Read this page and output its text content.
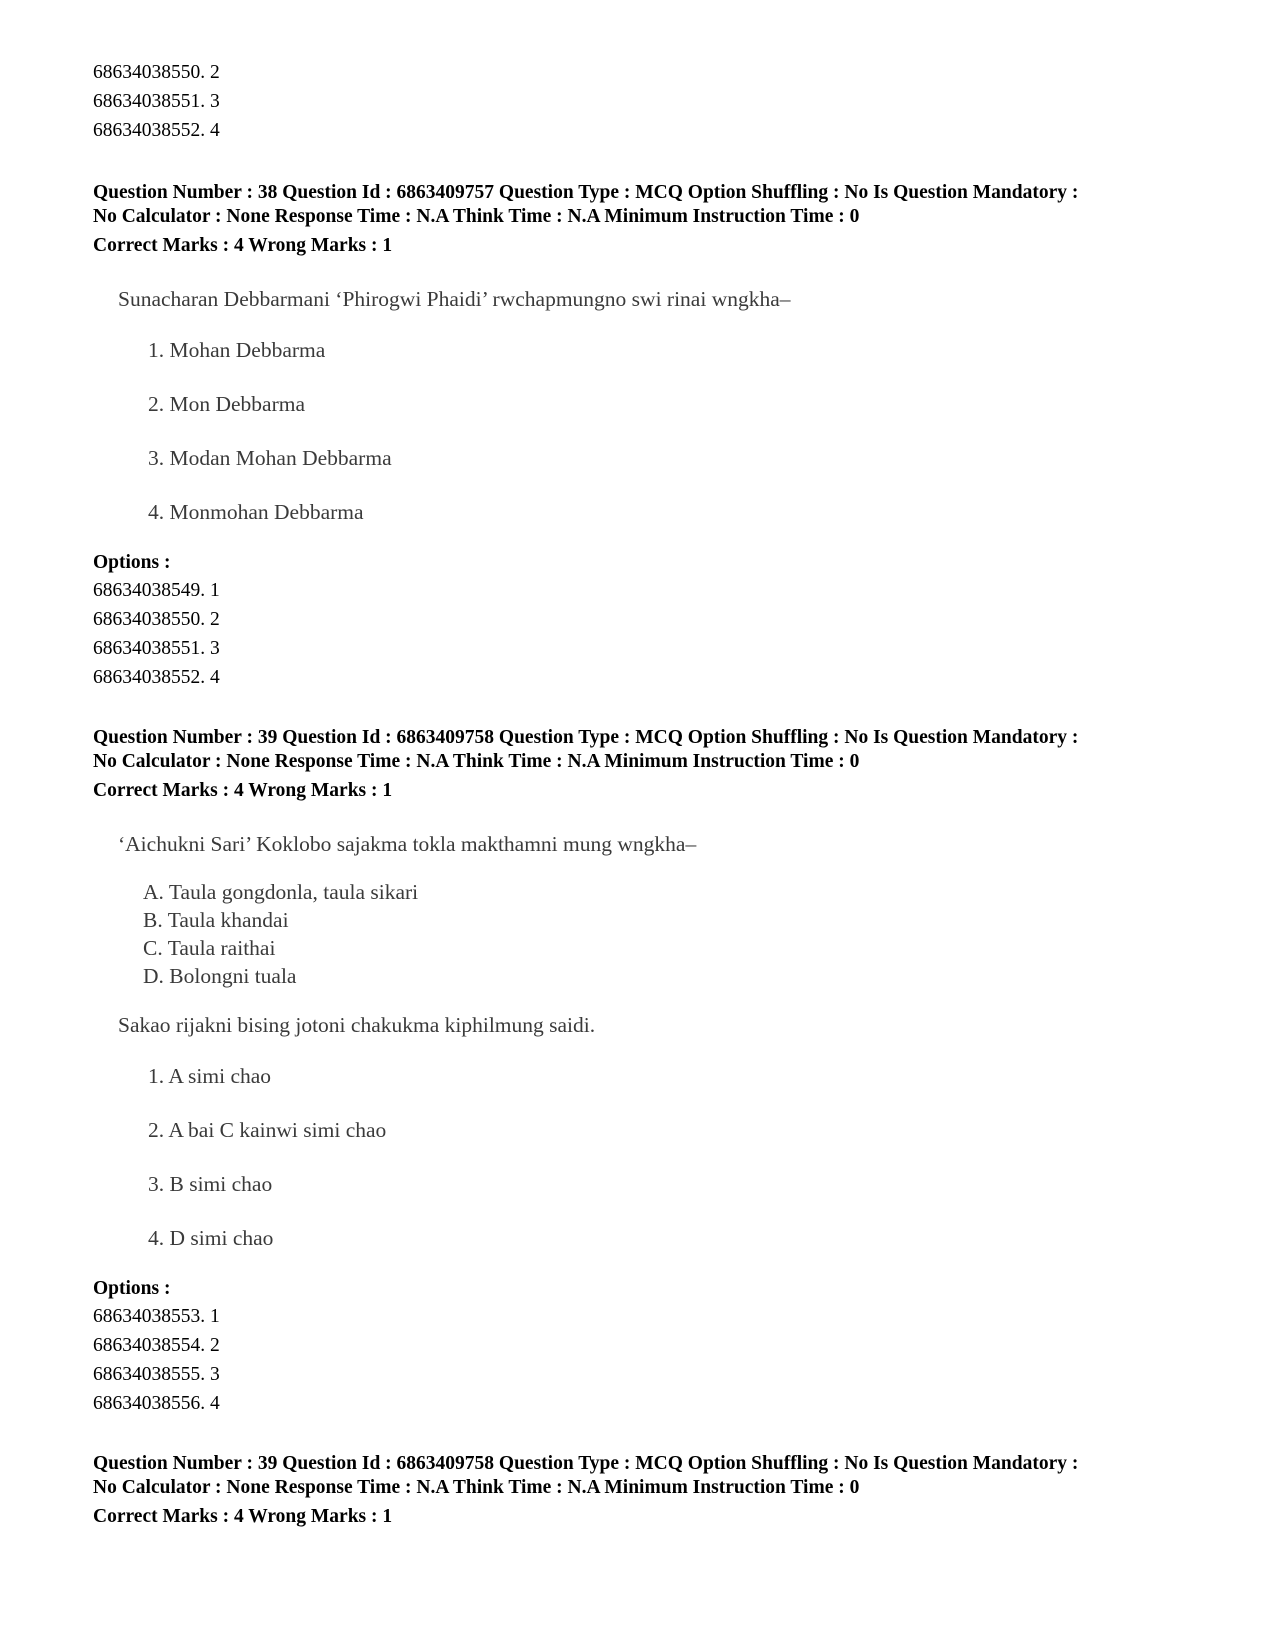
68634038550. 2
68634038551. 3
68634038552. 4
Question Number : 38 Question Id : 6863409757 Question Type : MCQ Option Shuffling : No Is Question Mandatory :
No Calculator : None Response Time : N.A Think Time : N.A Minimum Instruction Time : 0
Correct Marks : 4 Wrong Marks : 1
Sunacharan Debbarmani ‘Phirogwi Phaidi’ rwchapmungno swi rinai wngkha–
1. Mohan Debbarma
2. Mon Debbarma
3. Modan Mohan Debbarma
4. Monmohan Debbarma
Options :
68634038549. 1
68634038550. 2
68634038551. 3
68634038552. 4
Question Number : 39 Question Id : 6863409758 Question Type : MCQ Option Shuffling : No Is Question Mandatory :
No Calculator : None Response Time : N.A Think Time : N.A Minimum Instruction Time : 0
Correct Marks : 4 Wrong Marks : 1
‘Aichukni Sari’ Koklobo sajakma tokla makthamni mung wngkha–
A. Taula gongdonla, taula sikari
B. Taula khandai
C. Taula raithai
D. Bolongni tuala
Sakao rijakni bising jotoni chakukma kiphilmung saidi.
1. A simi chao
2. A bai C kainwi simi chao
3. B simi chao
4. D simi chao
Options :
68634038553. 1
68634038554. 2
68634038555. 3
68634038556. 4
Question Number : 39 Question Id : 6863409758 Question Type : MCQ Option Shuffling : No Is Question Mandatory :
No Calculator : None Response Time : N.A Think Time : N.A Minimum Instruction Time : 0
Correct Marks : 4 Wrong Marks : 1
